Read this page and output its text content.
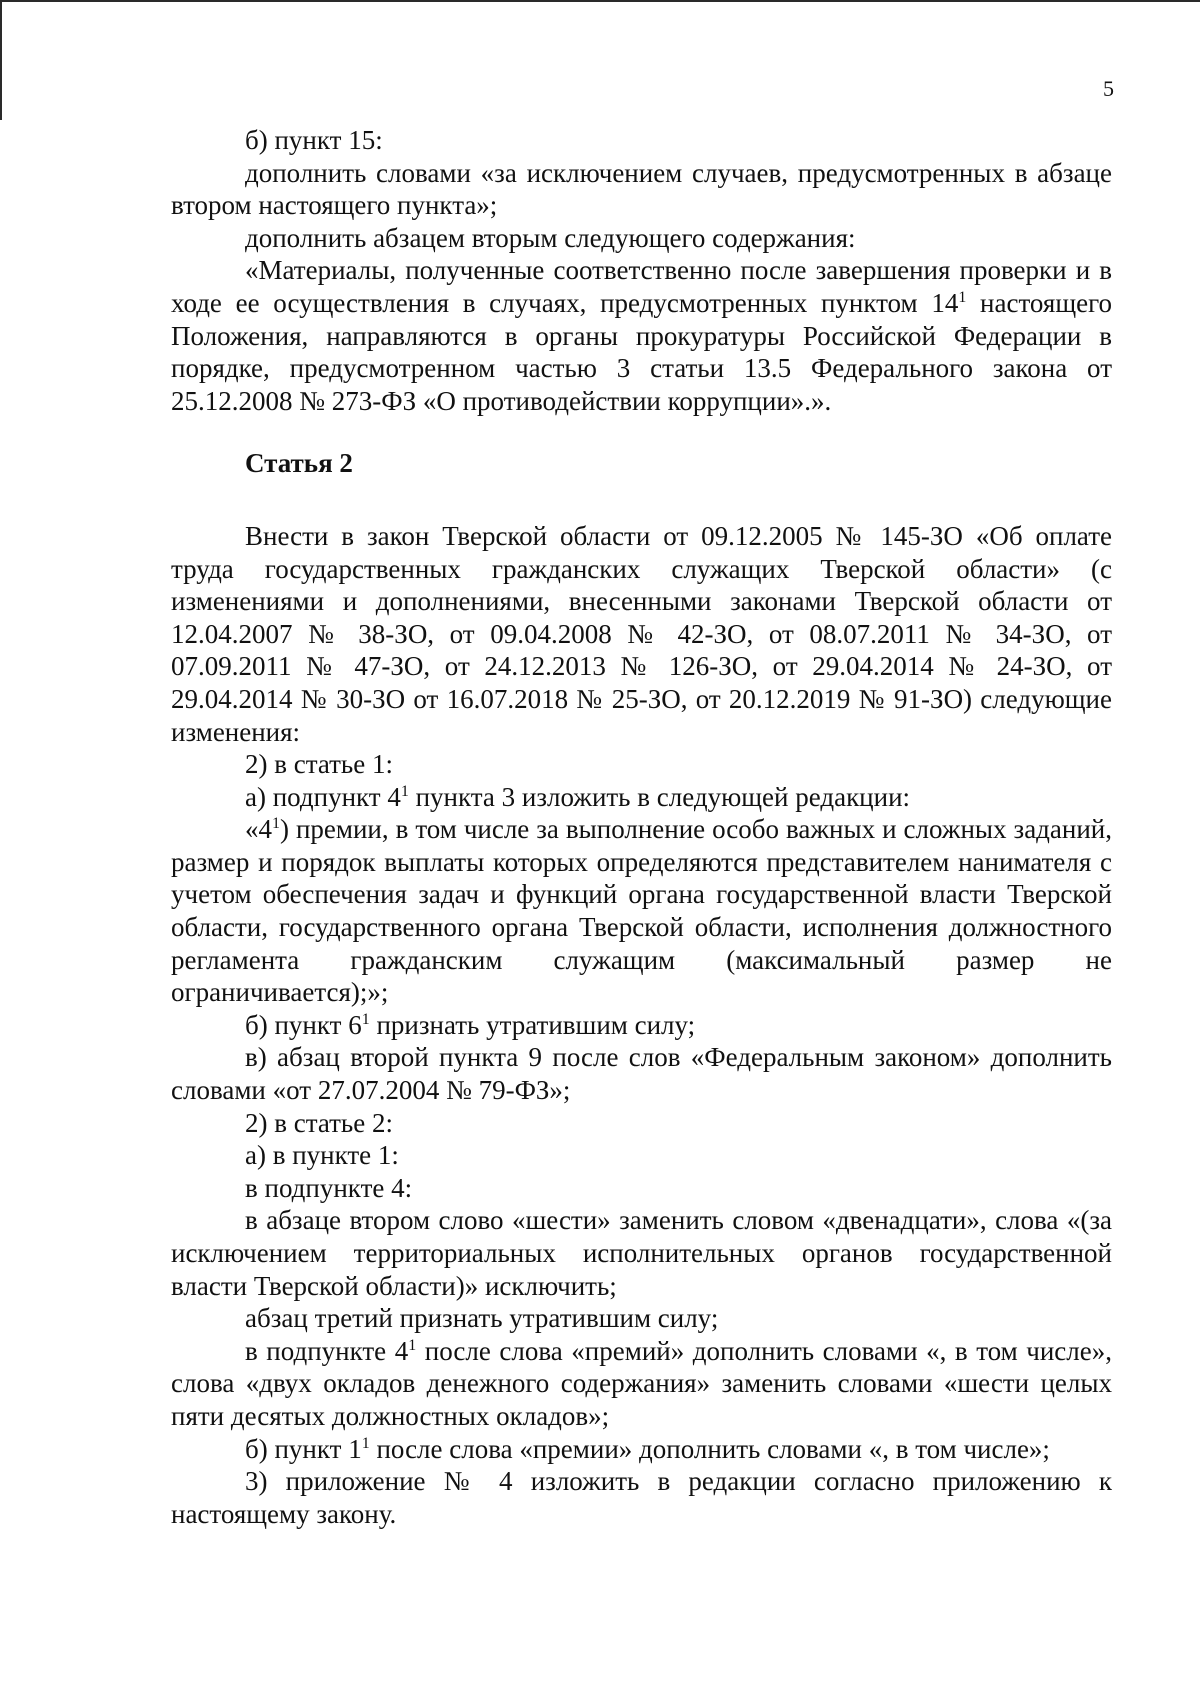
5

б) пункт 15:

дополнить словами «за исключением случаев, предусмотренных в абзаце втором настоящего пункта»;

дополнить абзацем вторым следующего содержания:

«Материалы, полученные соответственно после завершения проверки и в ходе ее осуществления в случаях, предусмотренных пунктом $14^1$ настоящего Положения, направляются в органы прокуратуры Российской Федерации в порядке, предусмотренном частью 3 статьи 13.5 Федерального закона от 25.12.2008 № 273-ФЗ «О противодействии коррупции».».

Статья 2

Внести в закон Тверской области от 09.12.2005 № 145-ЗО «Об оплате труда государственных гражданских служащих Тверской области» (с изменениями и дополнениями, внесенными законами Тверской области от 12.04.2007 № 38-ЗО, от 09.04.2008 № 42-ЗО, от 08.07.2011 № 34-ЗО, от 07.09.2011 № 47-ЗО, от 24.12.2013 № 126-ЗО, от 29.04.2014 № 24-ЗО, от 29.04.2014 № 30-ЗО от 16.07.2018 № 25-ЗО, от 20.12.2019 № 91-ЗО) следующие изменения:

2) в статье 1:

а) подпункт $4^1$ пункта 3 изложить в следующей редакции:

«$4^1$) премии, в том числе за выполнение особо важных и сложных заданий, размер и порядок выплаты которых определяются представителем нанимателя с учетом обеспечения задач и функций органа государственной власти Тверской области, государственного органа Тверской области, исполнения должностного регламента гражданским служащим (максимальный размер не ограничивается);»;

б) пункт $6^1$ признать утратившим силу;

в) абзац второй пункта 9 после слов «Федеральным законом» дополнить словами «от 27.07.2004 № 79-ФЗ»;

2) в статье 2:

а) в пункте 1:

в подпункте 4:

в абзаце втором слово «шести» заменить словом «двенадцати», слова «(за исключением территориальных исполнительных органов государственной власти Тверской области)» исключить;

абзац третий признать утратившим силу;

в подпункте $4^1$ после слова «премий» дополнить словами «, в том числе», слова «двух окладов денежного содержания» заменить словами «шести целых пяти десятых должностных окладов»;

б) пункт $1^1$ после слова «премии» дополнить словами «, в том числе»;

3) приложение № 4 изложить в редакции согласно приложению к настоящему закону.
